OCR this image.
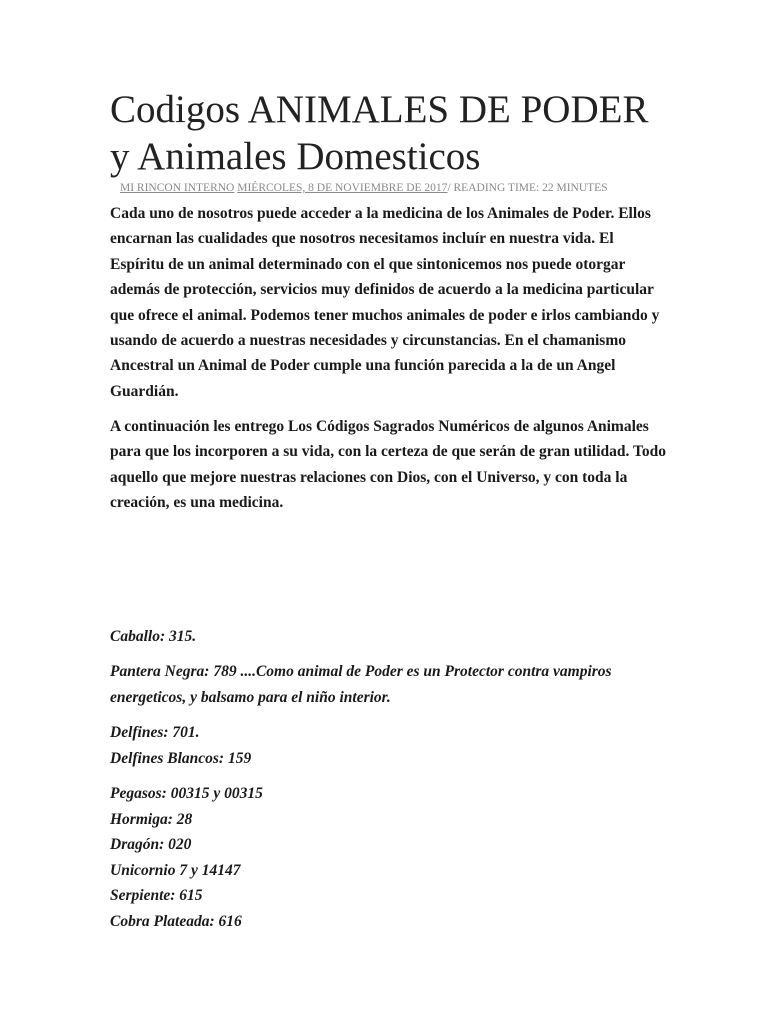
Codigos ANIMALES DE PODER y Animales Domesticos
MI RINCON INTERNO MIÉRCOLES, 8 DE NOVIEMBRE DE 2017/ READING TIME: 22 MINUTES

Cada uno de nosotros puede acceder a la medicina de los Animales de Poder. Ellos encarnan las cualidades que nosotros necesitamos incluír en nuestra vida. El Espíritu de un animal determinado con el que sintonicemos nos puede otorgar además de protección, servicios muy definidos de acuerdo a la medicina particular que ofrece el animal. Podemos tener muchos animales de poder e irlos cambiando y usando de acuerdo a nuestras necesidades y circunstancias. En el chamanismo Ancestral un Animal de Poder cumple una función parecida a la de un Angel Guardián.

A continuación les entrego Los Códigos Sagrados Numéricos de algunos Animales para que los incorporen a su vida, con la certeza de que serán de gran utilidad. Todo aquello que mejore nuestras relaciones con Dios, con el Universo, y con toda la creación, es una medicina.

Caballo: 315.

Pantera Negra: 789 ....Como animal de Poder es un Protector contra vampiros energeticos, y balsamo para el niño interior.

Delfines: 701.
Delfines Blancos: 159

Pegasos: 00315 y 00315
Hormiga: 28
Dragón: 020
Unicornio 7 y 14147
Serpiente: 615
Cobra Plateada: 616
